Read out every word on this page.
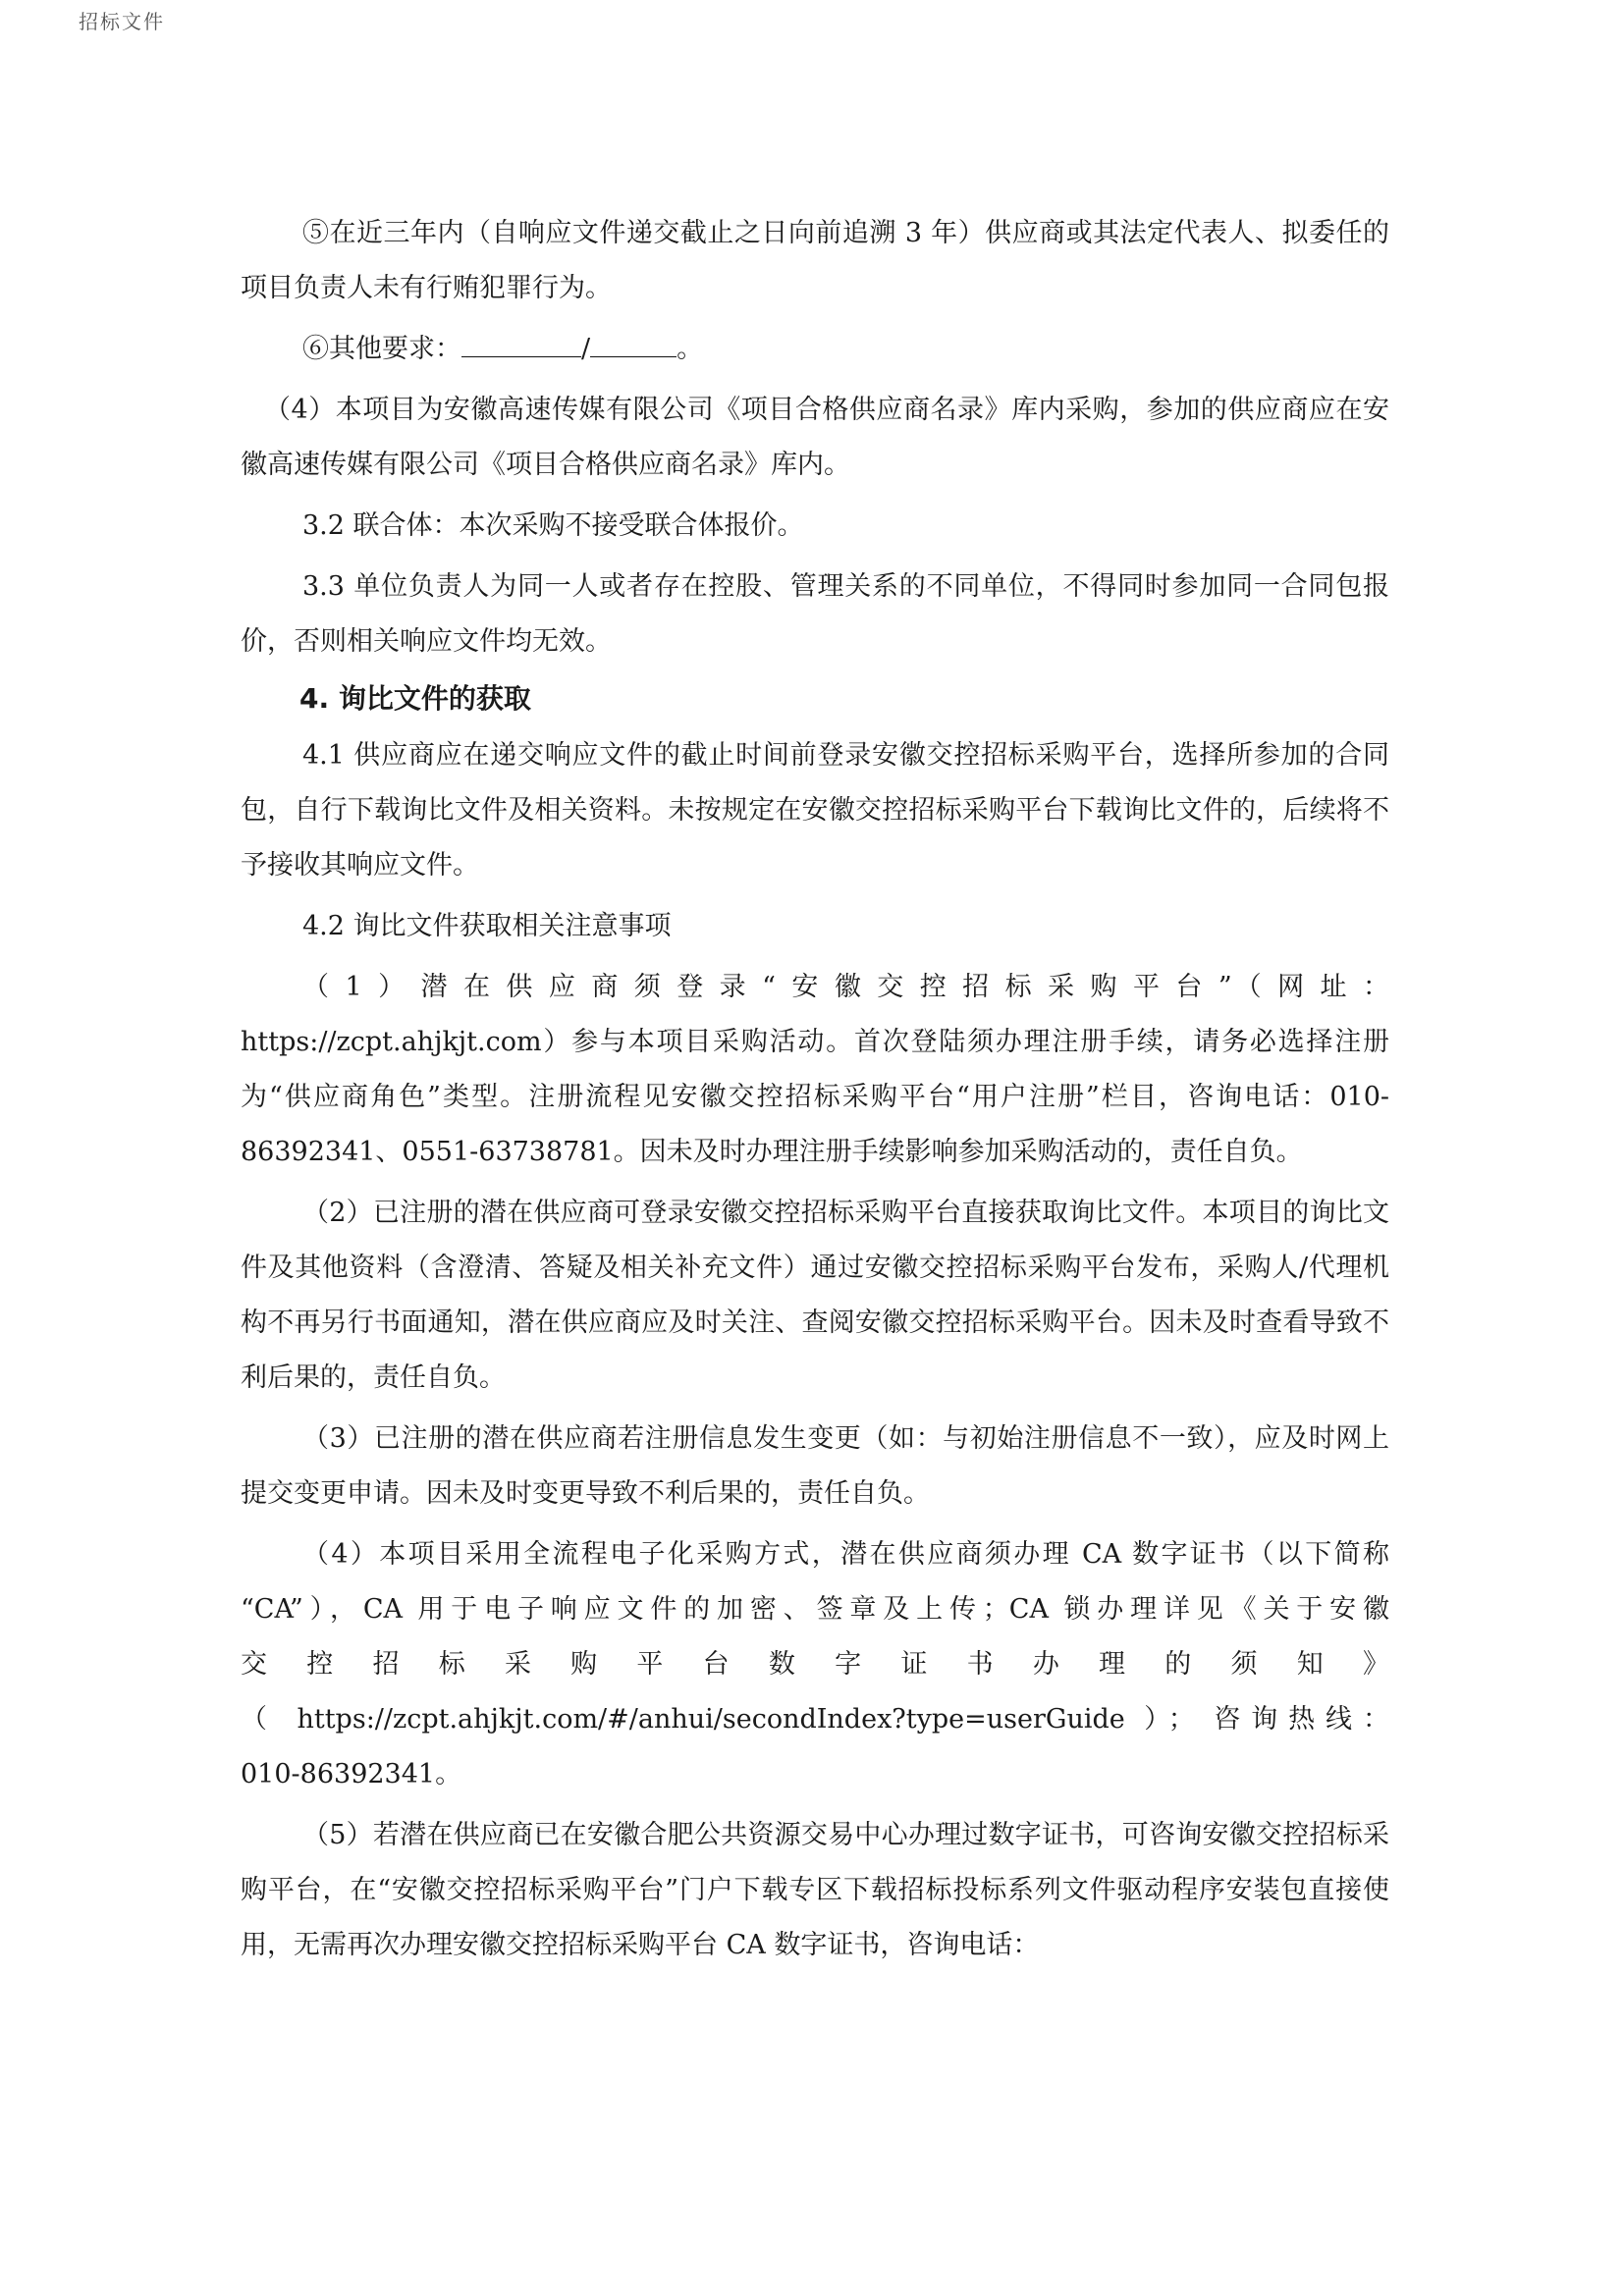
招标文件

⑤在近三年内（自响应文件递交截止之日向前追溯 3 年）供应商或其法定代表人、拟委任的项目负责人未有行贿犯罪行为。

⑥其他要求：	/	。

（4）本项目为安徽高速传媒有限公司《项目合格供应商名录》库内采购，参加的供应商应在安徽高速传媒有限公司《项目合格供应商名录》库内。

3.2 联合体：本次采购不接受联合体报价。

3.3 单位负责人为同一人或者存在控股、管理关系的不同单位，不得同时参加同一合同包报价，否则相关响应文件均无效。

4. 询比文件的获取

4.1 供应商应在递交响应文件的截止时间前登录安徽交控招标采购平台，选择所参加的合同包，自行下载询比文件及相关资料。未按规定在安徽交控招标采购平台下载询比文件的，后续将不予接收其响应文件。

4.2 询比文件获取相关注意事项

（1）潜在供应商须登录“安徽交控招标采购平台”（网址：

https://zcpt.ahjkjt.com）参与本项目采购活动。首次登陆须办理注册手续，请务必选择注册为“供应商角色”类型。注册流程见安徽交控招标采购平台“用户注册”栏目，咨询电话：010-86392341、0551-63738781。因未及时办理注册手续影响参加采购活动的，责任自负。

（2）已注册的潜在供应商可登录安徽交控招标采购平台直接获取询比文件。本项目的询比文件及其他资料（含澄清、答疑及相关补充文件）通过安徽交控招标采购平台发布，采购人/代理机构不再另行书面通知，潜在供应商应及时关注、查阅安徽交控招标采购平台。因未及时查看导致不利后果的，责任自负。

（3）已注册的潜在供应商若注册信息发生变更（如：与初始注册信息不一致），应及时网上提交变更申请。因未及时变更导致不利后果的，责任自负。

（4）本项目采用全流程电子化采购方式，潜在供应商须办理 CA 数字证书（以下简称

“CA”），CA 用于电子响应文件的加密、签章及上传；CA 锁办理详见《关于安徽

交控招标采购平台数字证书办理的须知》

（ https://zcpt.ahjkjt.com/#/anhui/secondIndex?type=userGuide ）； 咨询热线：

010-86392341。

（5）若潜在供应商已在安徽合肥公共资源交易中心办理过数字证书，可咨询安徽交控招标采购平台，在“安徽交控招标采购平台”门户下载专区下载招标投标系列文件驱动程序安装包直接使用，无需再次办理安徽交控招标采购平台 CA 数字证书，咨询电话：
